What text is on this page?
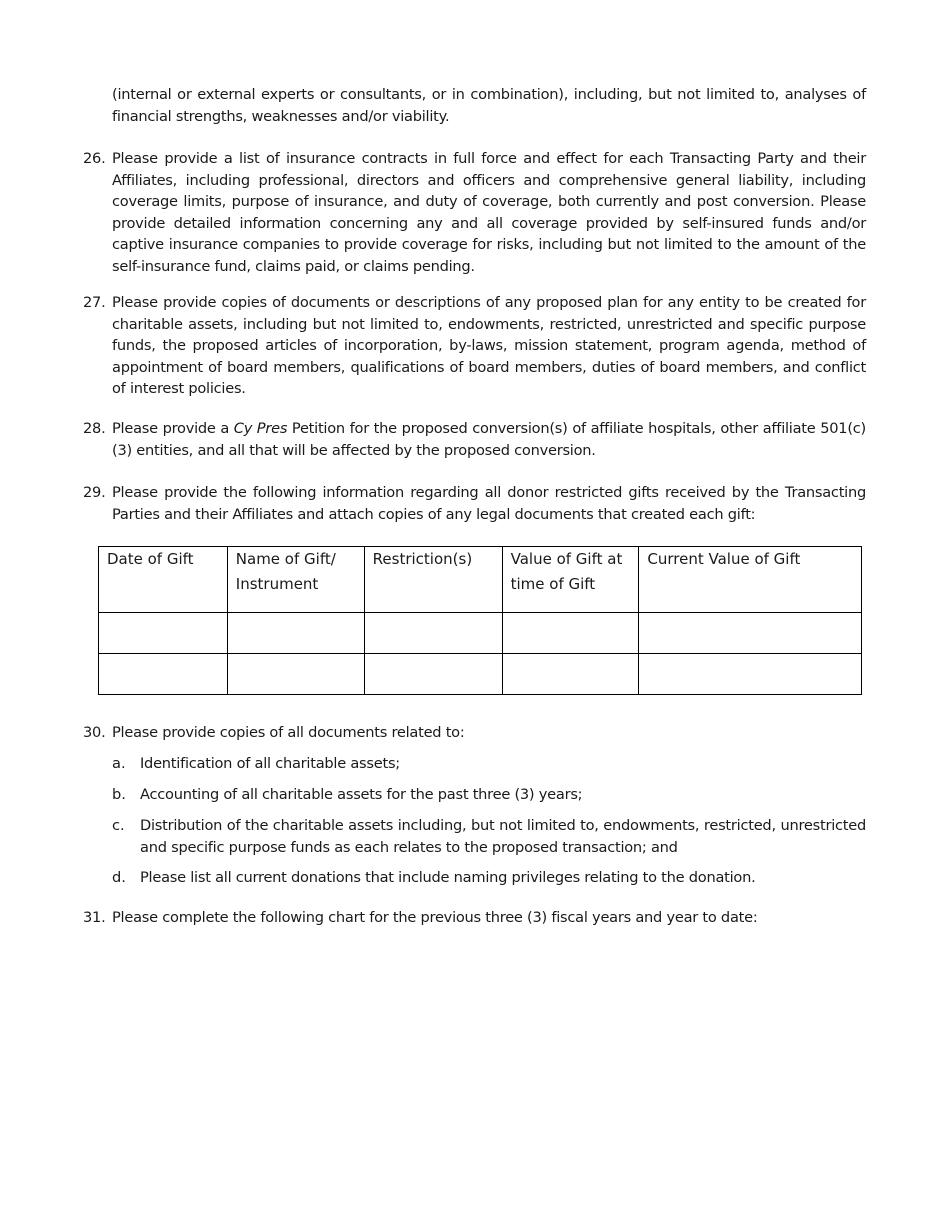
(internal or external experts or consultants, or in combination), including, but not limited to, analyses of financial strengths, weaknesses and/or viability.

26. Please provide a list of insurance contracts in full force and effect for each Transacting Party and their Affiliates, including professional, directors and officers and comprehensive general liability, including coverage limits, purpose of insurance, and duty of coverage, both currently and post conversion. Please provide detailed information concerning any and all coverage provided by self-insured funds and/or captive insurance companies to provide coverage for risks, including but not limited to the amount of the self-insurance fund, claims paid, or claims pending.

27. Please provide copies of documents or descriptions of any proposed plan for any entity to be created for charitable assets, including but not limited to, endowments, restricted, unrestricted and specific purpose funds, the proposed articles of incorporation, by-laws, mission statement, program agenda, method of appointment of board members, qualifications of board members, duties of board members, and conflict of interest policies.

28. Please provide a Cy Pres Petition for the proposed conversion(s) of affiliate hospitals, other affiliate 501(c)(3) entities, and all that will be affected by the proposed conversion.

29. Please provide the following information regarding all donor restricted gifts received by the Transacting Parties and their Affiliates and attach copies of any legal documents that created each gift:

Date of Gift	Name of Gift/ Instrument	Restriction(s)	Value of Gift at time of Gift	Current Value of Gift

30. Please provide copies of all documents related to:

a. Identification of all charitable assets;

b. Accounting of all charitable assets for the past three (3) years;

c. Distribution of the charitable assets including, but not limited to, endowments, restricted, unrestricted and specific purpose funds as each relates to the proposed transaction; and

d. Please list all current donations that include naming privileges relating to the donation.

31. Please complete the following chart for the previous three (3) fiscal years and year to date:
